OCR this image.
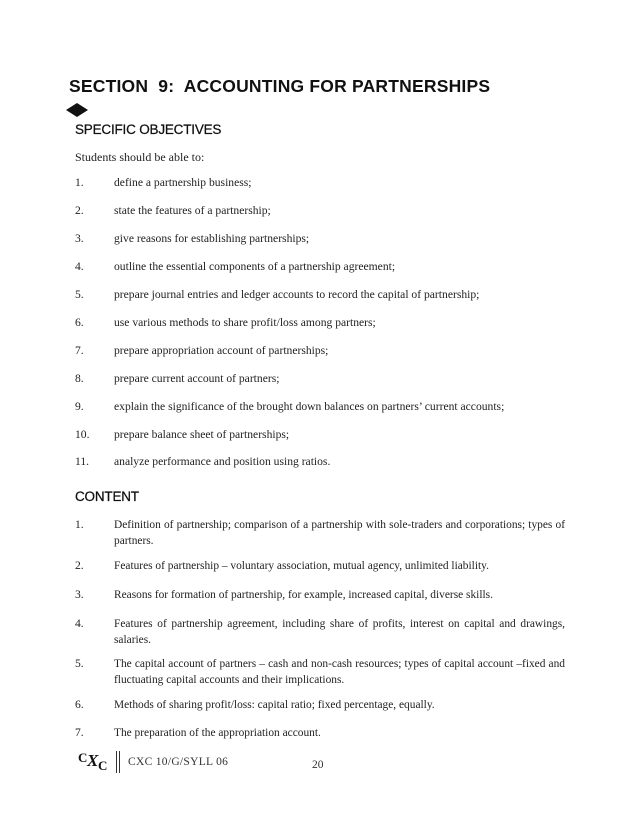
SECTION  9:  ACCOUNTING FOR PARTNERSHIPS
SPECIFIC OBJECTIVES
Students should be able to:
1.	define a partnership business;
2.	state the features of a partnership;
3.	give reasons for establishing partnerships;
4.	outline the essential components of a partnership agreement;
5.	prepare journal entries and ledger accounts to record the capital of partnership;
6.	use various methods to share profit/loss among partners;
7.	prepare appropriation account of partnerships;
8.	prepare current account of partners;
9.	explain the significance of the brought down balances on partners’ current accounts;
10.	prepare balance sheet of partnerships;
11.	analyze performance and position using ratios.
CONTENT
1.	Definition of partnership; comparison of a partnership with sole-traders and corporations; types of partners.
2.	Features of partnership – voluntary association, mutual agency, unlimited liability.
3.	Reasons for formation of partnership, for example, increased capital, diverse skills.
4.	Features of partnership agreement, including share of profits, interest on capital and drawings, salaries.
5.	The capital account of partners – cash and non-cash resources; types of capital account –fixed and fluctuating capital accounts and their implications.
6.	Methods of sharing profit/loss: capital ratio; fixed percentage, equally.
7.	The preparation of the appropriation account.
C X C CXC 10/G/SYLL 06	20
